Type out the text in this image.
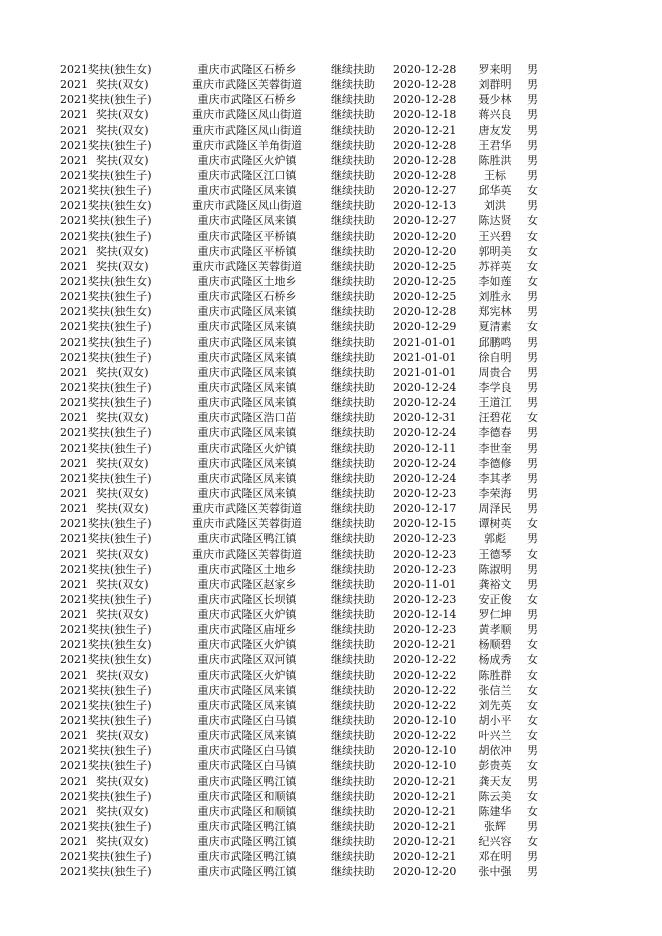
2021 奖扶(独生女)	重庆市武隆区石桥乡	继续扶助	2020-12-28	罗来明	男
2021 奖扶(双女)	重庆市武隆区芙蓉街道	继续扶助	2020-12-28	刘群明	男
2021 奖扶(独生子)	重庆市武隆区石桥乡	继续扶助	2020-12-28	聂少林	男
2021 奖扶(双女)	重庆市武隆区凤山街道	继续扶助	2020-12-18	蒋兴良	男
2021 奖扶(双女)	重庆市武隆区凤山街道	继续扶助	2020-12-21	唐友发	男
2021 奖扶(独生子)	重庆市武隆区羊角街道	继续扶助	2020-12-28	王君华	男
2021 奖扶(双女)	重庆市武隆区火炉镇	继续扶助	2020-12-28	陈胜洪	男
2021 奖扶(独生子)	重庆市武隆区江口镇	继续扶助	2020-12-28	王标	男
2021 奖扶(独生子)	重庆市武隆区凤来镇	继续扶助	2020-12-27	邱华英	女
2021 奖扶(独生女)	重庆市武隆区凤山街道	继续扶助	2020-12-13	刘洪	男
2021 奖扶(独生子)	重庆市武隆区凤来镇	继续扶助	2020-12-27	陈达贤	女
2021 奖扶(独生子)	重庆市武隆区平桥镇	继续扶助	2020-12-20	王兴碧	女
2021 奖扶(双女)	重庆市武隆区平桥镇	继续扶助	2020-12-20	郭明美	女
2021 奖扶(双女)	重庆市武隆区芙蓉街道	继续扶助	2020-12-25	苏祥英	女
2021 奖扶(独生女)	重庆市武隆区土地乡	继续扶助	2020-12-25	李如莲	女
2021 奖扶(独生子)	重庆市武隆区石桥乡	继续扶助	2020-12-25	刘胜永	男
2021 奖扶(独生女)	重庆市武隆区凤来镇	继续扶助	2020-12-28	郑宪林	男
2021 奖扶(独生子)	重庆市武隆区凤来镇	继续扶助	2020-12-29	夏清素	女
2021 奖扶(独生子)	重庆市武隆区凤来镇	继续扶助	2021-01-01	邱鹏鸣	男
2021 奖扶(独生子)	重庆市武隆区凤来镇	继续扶助	2021-01-01	徐自明	男
2021 奖扶(双女)	重庆市武隆区凤来镇	继续扶助	2021-01-01	周贵合	男
2021 奖扶(独生子)	重庆市武隆区凤来镇	继续扶助	2020-12-24	李学良	男
2021 奖扶(独生子)	重庆市武隆区凤来镇	继续扶助	2020-12-24	王道江	男
2021 奖扶(双女)	重庆市武隆区浩口苗	继续扶助	2020-12-31	汪碧花	女
2021 奖扶(独生子)	重庆市武隆区凤来镇	继续扶助	2020-12-24	李德春	男
2021 奖扶(独生子)	重庆市武隆区火炉镇	继续扶助	2020-12-11	李世奎	男
2021 奖扶(双女)	重庆市武隆区凤来镇	继续扶助	2020-12-24	李德修	男
2021 奖扶(独生子)	重庆市武隆区凤来镇	继续扶助	2020-12-24	李其孝	男
2021 奖扶(双女)	重庆市武隆区凤来镇	继续扶助	2020-12-23	李荣海	男
2021 奖扶(双女)	重庆市武隆区芙蓉街道	继续扶助	2020-12-17	周泽民	男
2021 奖扶(独生子)	重庆市武隆区芙蓉街道	继续扶助	2020-12-15	谭树英	女
2021 奖扶(独生子)	重庆市武隆区鸭江镇	继续扶助	2020-12-23	郭彪	男
2021 奖扶(双女)	重庆市武隆区芙蓉街道	继续扶助	2020-12-23	王德琴	女
2021 奖扶(独生子)	重庆市武隆区土地乡	继续扶助	2020-12-23	陈淑明	男
2021 奖扶(双女)	重庆市武隆区赵家乡	继续扶助	2020-11-01	龚裕文	男
2021 奖扶(独生子)	重庆市武隆区长坝镇	继续扶助	2020-12-23	安正俊	女
2021 奖扶(双女)	重庆市武隆区火炉镇	继续扶助	2020-12-14	罗仁坤	男
2021 奖扶(独生子)	重庆市武隆区庙垭乡	继续扶助	2020-12-23	黄孝顺	男
2021 奖扶(独生女)	重庆市武隆区火炉镇	继续扶助	2020-12-21	杨顺碧	女
2021 奖扶(独生女)	重庆市武隆区双河镇	继续扶助	2020-12-22	杨成秀	女
2021 奖扶(双女)	重庆市武隆区火炉镇	继续扶助	2020-12-22	陈胜群	女
2021 奖扶(独生子)	重庆市武隆区凤来镇	继续扶助	2020-12-22	张信兰	女
2021 奖扶(独生子)	重庆市武隆区凤来镇	继续扶助	2020-12-22	刘先英	女
2021 奖扶(独生子)	重庆市武隆区白马镇	继续扶助	2020-12-10	胡小平	女
2021 奖扶(双女)	重庆市武隆区凤来镇	继续扶助	2020-12-22	叶兴兰	女
2021 奖扶(独生子)	重庆市武隆区白马镇	继续扶助	2020-12-10	胡依冲	男
2021 奖扶(独生子)	重庆市武隆区白马镇	继续扶助	2020-12-10	彭贵英	女
2021 奖扶(双女)	重庆市武隆区鸭江镇	继续扶助	2020-12-21	龚天友	男
2021 奖扶(独生子)	重庆市武隆区和顺镇	继续扶助	2020-12-21	陈云美	女
2021 奖扶(双女)	重庆市武隆区和顺镇	继续扶助	2020-12-21	陈建华	女
2021 奖扶(独生子)	重庆市武隆区鸭江镇	继续扶助	2020-12-21	张辉	男
2021 奖扶(双女)	重庆市武隆区鸭江镇	继续扶助	2020-12-21	纪兴容	女
2021 奖扶(独生子)	重庆市武隆区鸭江镇	继续扶助	2020-12-21	邓在明	男
2021 奖扶(独生子)	重庆市武隆区鸭江镇	继续扶助	2020-12-20	张中强	男
